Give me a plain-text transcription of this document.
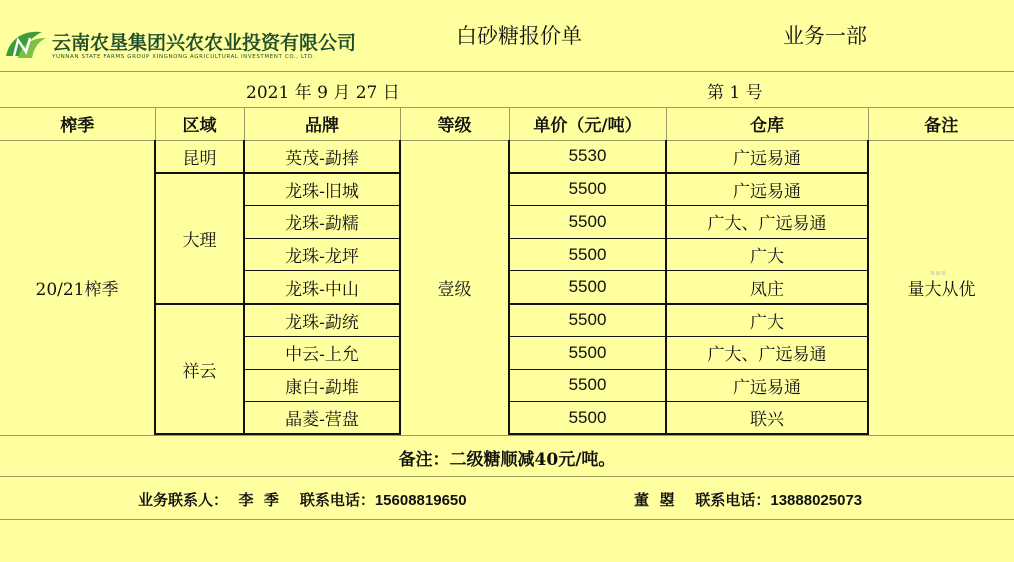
云南农垦集团兴农农业投资有限公司
YUNNAN STATE FARMS GROUP XINGNONG AGRICULTURAL INVESTMENT CO., LTD.
白砂糖报价单	业务一部
2021 年 9 月 27 日	第 1 号
榨季	区域	品牌	等级	单价（元/吨）	仓库	备注
20/21榨季	昆明	英茂-勐捧	壹级	5530	广远易通	量大从优
	大理	龙珠-旧城		5500	广远易通	
		龙珠-勐糯		5500	广大、广远易通	
		龙珠-龙坪		5500	广大	
		龙珠-中山		5500	凤庄	
	祥云	龙珠-勐统		5500	广大	
		中云-上允		5500	广大、广远易通	
		康白-勐堆		5500	广远易通	
		晶菱-营盘		5500	联兴	
▪▪▪
备注：二级糖顺减40元/吨。
业务联系人： 李  季 联系电话：15608819650	董  曌 联系电话：13888025073
